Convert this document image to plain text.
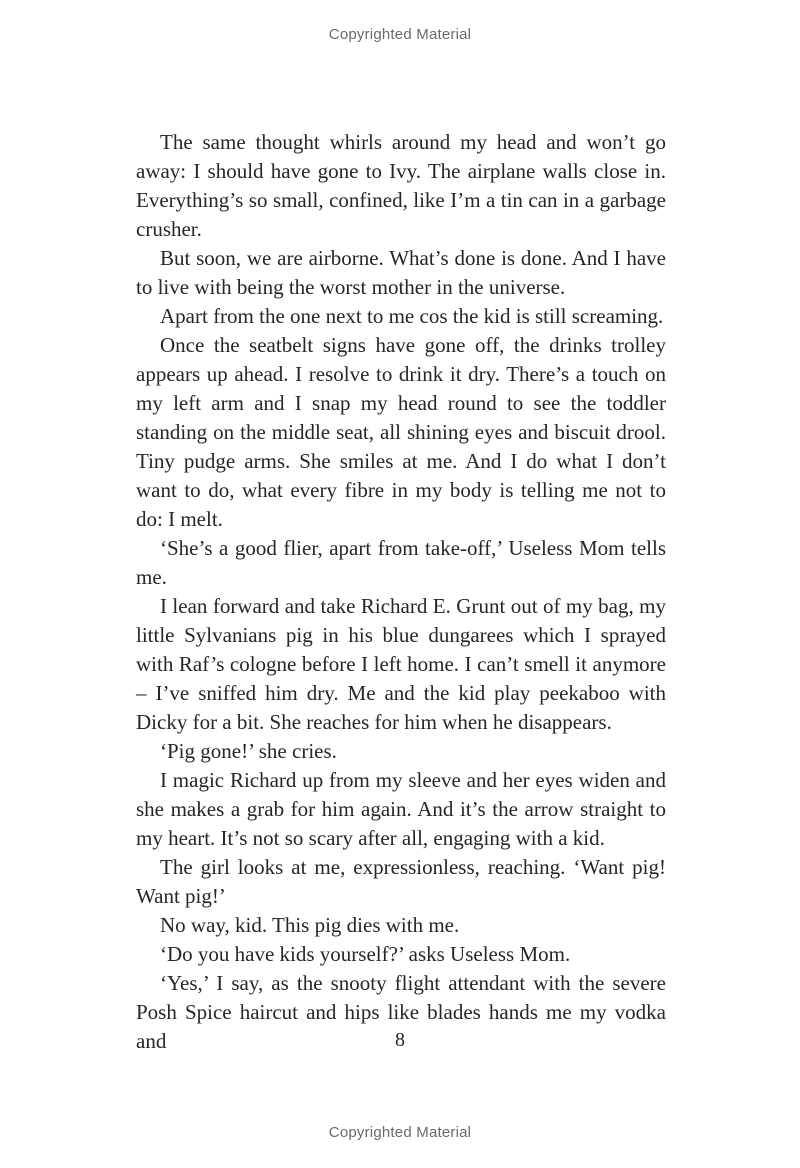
Copyrighted Material

The same thought whirls around my head and won’t go away: I should have gone to Ivy. The airplane walls close in. Everything’s so small, confined, like I’m a tin can in a garbage crusher.

But soon, we are airborne. What’s done is done. And I have to live with being the worst mother in the universe.

Apart from the one next to me cos the kid is still screaming.

Once the seatbelt signs have gone off, the drinks trolley appears up ahead. I resolve to drink it dry. There’s a touch on my left arm and I snap my head round to see the toddler standing on the middle seat, all shining eyes and biscuit drool. Tiny pudge arms. She smiles at me. And I do what I don’t want to do, what every fibre in my body is telling me not to do: I melt.

‘She’s a good flier, apart from take-off,’ Useless Mom tells me.

I lean forward and take Richard E. Grunt out of my bag, my little Sylvanians pig in his blue dungarees which I sprayed with Raf’s cologne before I left home. I can’t smell it anymore – I’ve sniffed him dry. Me and the kid play peekaboo with Dicky for a bit. She reaches for him when he disappears.

‘Pig gone!’ she cries.

I magic Richard up from my sleeve and her eyes widen and she makes a grab for him again. And it’s the arrow straight to my heart. It’s not so scary after all, engaging with a kid.

The girl looks at me, expressionless, reaching. ‘Want pig! Want pig!’

No way, kid. This pig dies with me.

‘Do you have kids yourself?’ asks Useless Mom.

‘Yes,’ I say, as the snooty flight attendant with the severe Posh Spice haircut and hips like blades hands me my vodka and	8
Copyrighted Material
